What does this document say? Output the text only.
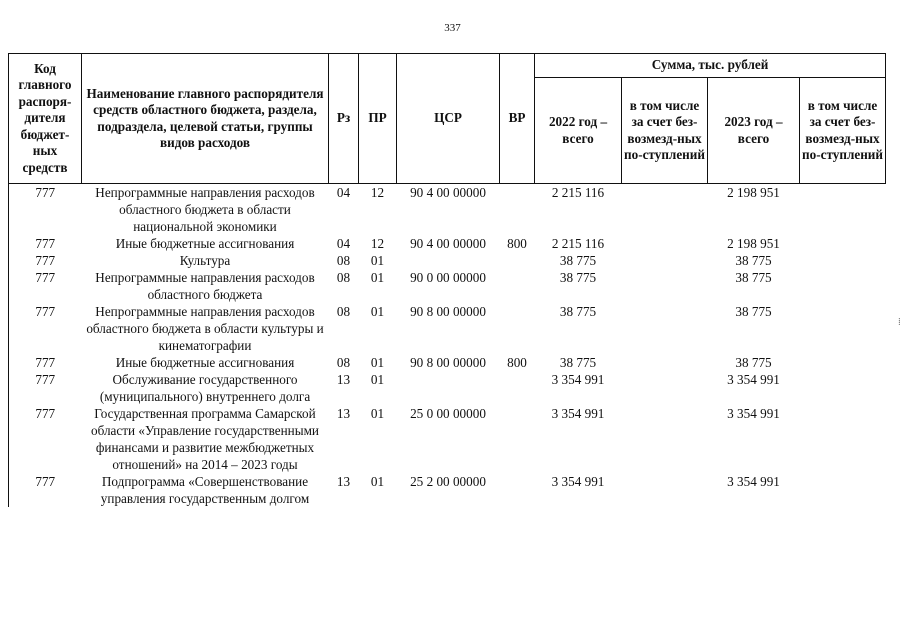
337
Код главного распоря-дителя бюджет-ных средств	Наименование главного распорядителя средств областного бюджета, раздела, подраздела, целевой статьи, группы видов расходов	Рз	ПР	ЦСР	ВР	Сумма, тыс. рублей			
						2022 год – всего	в том числе за счет без-возмезд-ных по-ступлений	2023 год – всего	в том числе за счет без-возмезд-ных по-ступлений
777	Непрограммные направления расходов областного бюджета в области национальной экономики	04	12	90 4 00 00000		2 215 116		2 198 951	
777	Иные бюджетные ассигнования	04	12	90 4 00 00000	800	2 215 116		2 198 951	
777	Культура	08	01			38 775		38 775	
777	Непрограммные направления расходов областного бюджета	08	01	90 0 00 00000		38 775		38 775	
777	Непрограммные направления расходов областного бюджета в области культуры и кинематографии	08	01	90 8 00 00000		38 775		38 775	
777	Иные бюджетные ассигнования	08	01	90 8 00 00000	800	38 775		38 775	
777	Обслуживание государственного (муниципального) внутреннего долга	13	01			3 354 991		3 354 991	
777	Государственная программа Самарской области «Управление государственными финансами и развитие межбюджетных отношений» на 2014 – 2023 годы	13	01	25 0 00 00000		3 354 991		3 354 991	
777	Подпрограмма «Совершенствование управления государственным долгом	13	01	25 2 00 00000		3 354 991		3 354 991	
⁞
